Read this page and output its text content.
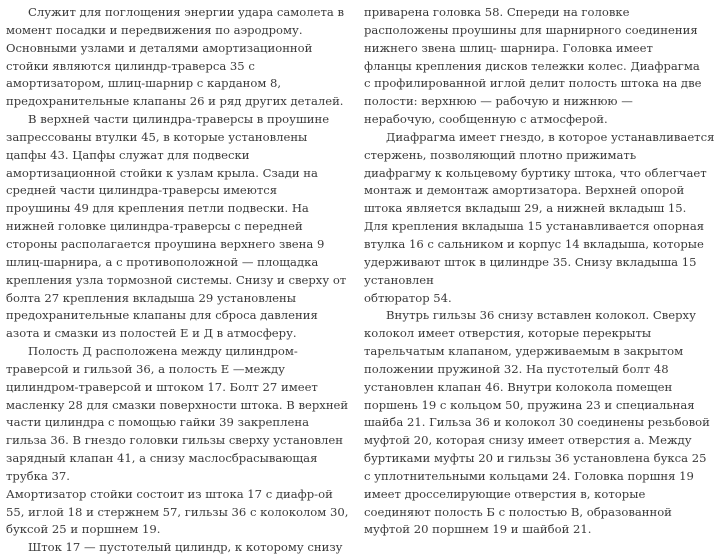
Служит для поглощения энергии удара самолета в
момент посадки и передвижения по аэродрому.
Основными узлами и деталями амортизационной
стойки являются цилиндр-траверса 35 с
амортизатором, шлиц-шарнир с карданом 8,
предохранительные клапаны 26 и ряд других деталей.
В верхней части цилиндра-траверсы в проушине
запрессованы втулки 45, в которые установлены
цапфы 43. Цапфы служат для подвески
амортизационной стойки к узлам крыла. Сзади на
средней части цилиндра-траверсы имеются
проушины 49 для крепления петли подвески. На
нижней головке цилиндра-траверсы с передней
стороны располагается проушина верхнего звена 9
шлиц-шарнира, а с противоположной — площадка
крепления узла тормозной системы. Снизу и сверху от
болта 27 крепления вкладыша 29 установлены
предохранительные клапаны для сброса давления
азота и смазки из полостей Е и Д в атмосферу.
Полость Д расположена между цилиндром-
траверсой и гильзой 36, а полость Е —между
цилиндром-траверсой и штоком 17. Болт 27 имеет
масленку 28 для смазки поверхности штока. В верхней
части цилиндра с помощью гайки 39 закреплена
гильза 36. В гнездо головки гильзы сверху установлен
зарядный клапан 41, а снизу маслосбрасывающая
трубка 37.
Амортизатор стойки состоит из штока 17 с диафр-ой
55, иглой 18 и стержнем 57, гильзы 36 с колоколом 30,
буксой 25 и поршнем 19.
Шток 17 — пустотелый цилиндр, к которому снизу
приварена головка 58. Спереди на головке
расположены проушины для шарнирного соединения
нижнего звена шлиц- шарнира. Головка имеет
фланцы крепления дисков тележки колес. Диафрагма
с профилированной иглой делит полость штока на две
полости: верхнюю — рабочую и нижнюю —
нерабочую, сообщенную с атмосферой.
Диафрагма имеет гнездо, в которое устанавливается
стержень, позволяющий плотно прижимать
диафрагму к кольцевому буртику штока, что облегчает
монтаж и демонтаж амортизатора. Верхней опорой
штока является вкладыш 29, а нижней вкладыш 15.
Для крепления вкладыша 15 устанавливается опорная
втулка 16 с сальником и корпус 14 вкладыша, которые
удерживают шток в цилиндре 35. Снизу вкладыша 15
установлен
обтюратор 54.
Внутрь гильзы 36 снизу вставлен колокол. Сверху
колокол имеет отверстия, которые перекрыты
тарельчатым клапаном, удерживаемым в закрытом
положении пружиной 32. На пустотелый болт 48
установлен клапан 46. Внутри колокола помещен
поршень 19 с кольцом 50, пружина 23 и специальная
шайба 21. Гильза 36 и колокол 30 соединены резьбовой
муфтой 20, которая снизу имеет отверстия а. Между
буртиками муфты 20 и гильзы 36 установлена букса 25
с уплотнительными кольцами 24. Головка поршня 19
имеет дросселирующие отверстия в, которые
соединяют полость Б с полостью В, образованной
муфтой 20 поршнем 19 и шайбой 21.
